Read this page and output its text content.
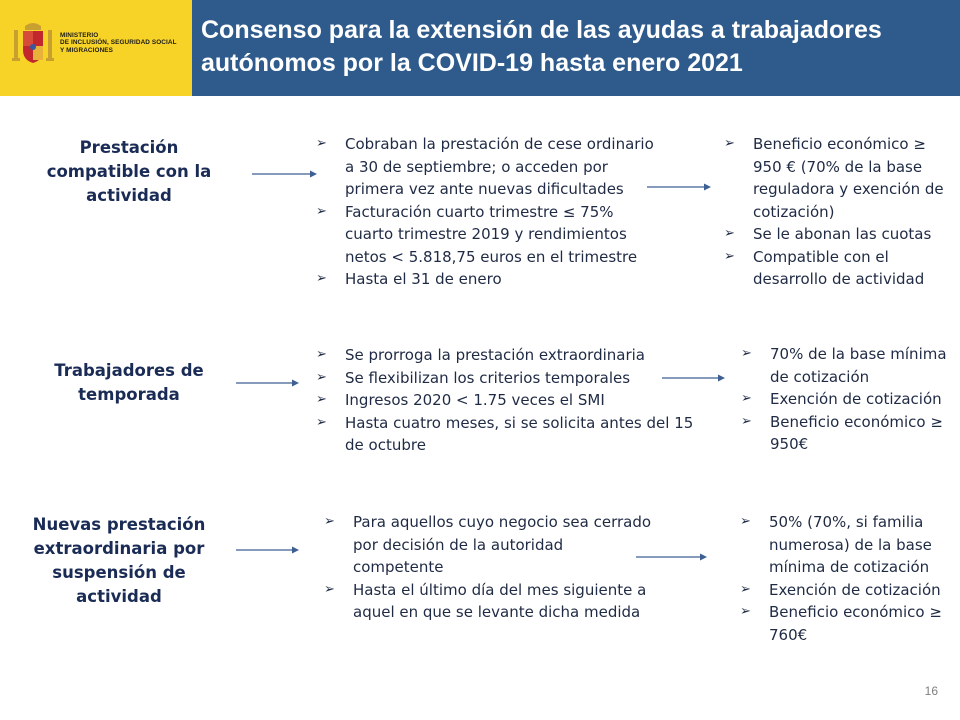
MINISTERIO
DE INCLUSIÓN, SEGURIDAD SOCIAL
Y MIGRACIONES
Consenso para la extensión de las ayudas a trabajadores autónomos por la COVID-19 hasta enero 2021
Prestación compatible con la actividad
➢ Cobraban la prestación de cese ordinario a 30 de septiembre; o acceden por primera vez ante nuevas dificultades
➢ Facturación cuarto trimestre ≤ 75% cuarto trimestre 2019 y rendimientos netos < 5.818,75 euros en el trimestre
➢ Hasta el 31 de enero
➢ Beneficio económico ≥ 950 € (70% de la base reguladora y exención de cotización)
➢ Se le abonan las cuotas
➢ Compatible con el desarrollo de actividad
Trabajadores de temporada
➢ Se prorroga la prestación extraordinaria
➢ Se flexibilizan los criterios temporales
➢ Ingresos 2020 < 1.75 veces el SMI
➢ Hasta cuatro meses, si se solicita antes del 15 de octubre
➢ 70% de la base mínima de cotización
➢ Exención de cotización
➢ Beneficio económico ≥ 950€
Nuevas prestación extraordinaria por suspensión de actividad
➢ Para aquellos cuyo negocio sea cerrado por decisión de la autoridad competente
➢ Hasta el último día del mes siguiente a aquel en que se levante dicha medida
➢ 50% (70%, si familia numerosa) de la base mínima de cotización
➢ Exención de cotización
➢ Beneficio económico ≥ 760€
16
